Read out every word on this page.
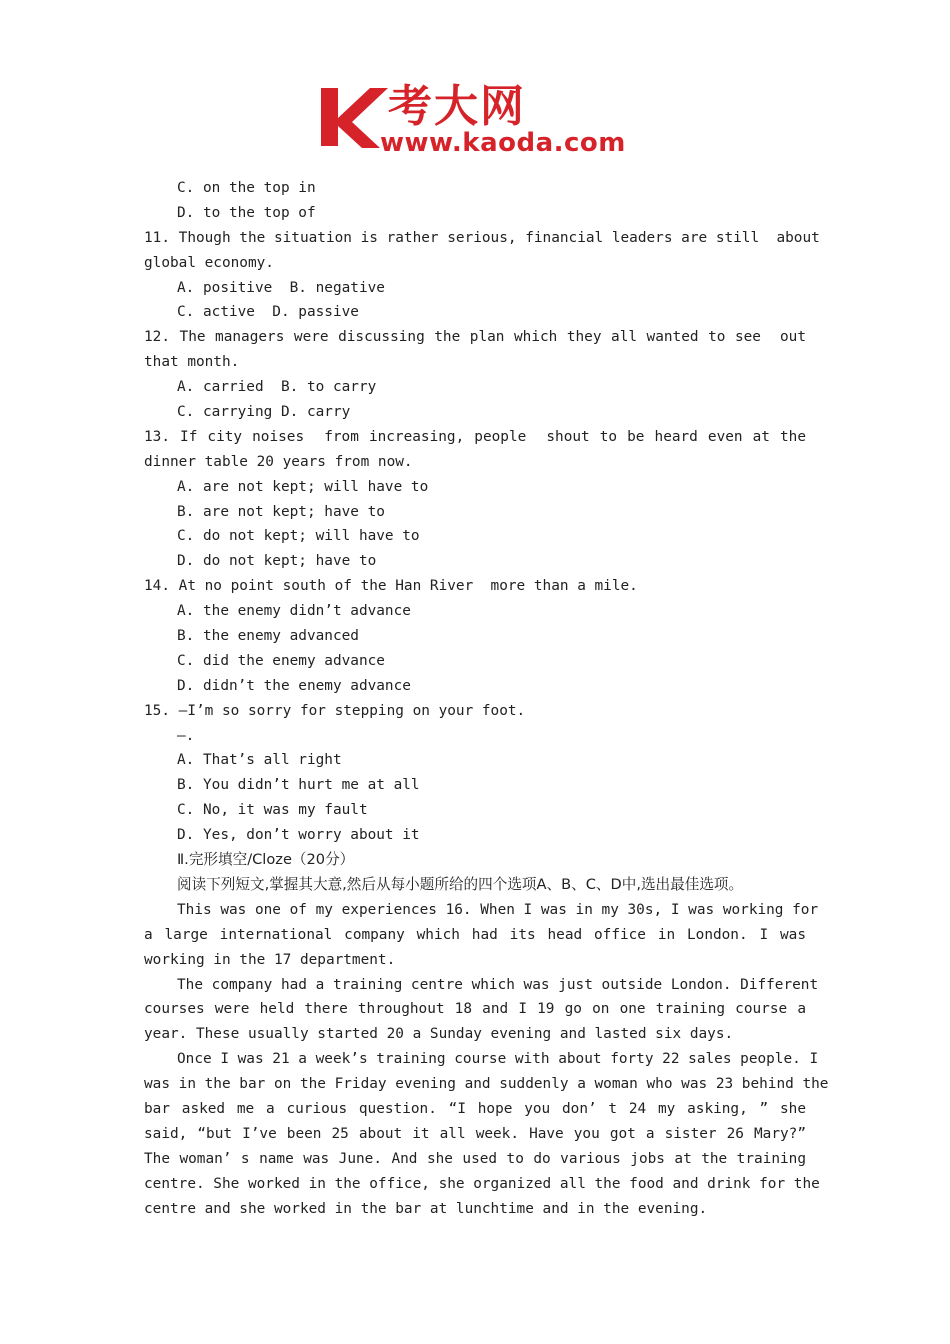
考大网
www.kaoda.com
C. on the top in
D. to the top of
11. Though the situation is rather serious, financial leaders are still  about
global economy.
A. positive  B. negative
C. active  D. passive
12. The managers were discussing the plan which they all wanted to see  out
that month.
A. carried  B. to carry
C. carrying D. carry
13. If city noises  from increasing, people  shout to be heard even at the
dinner table 20 years from now.
A. are not kept; will have to
B. are not kept; have to
C. do not kept; will have to
D. do not kept; have to
14. At no point south of the Han River  more than a mile.
A. the enemy didn’t advance
B. the enemy advanced
C. did the enemy advance
D. didn’t the enemy advance
15. —I’m so sorry for stepping on your foot.
—.
A. That’s all right
B. You didn’t hurt me at all
C. No, it was my fault
D. Yes, don’t worry about it
Ⅱ.完形填空/Cloze（20分）
阅读下列短文,掌握其大意,然后从每小题所给的四个选项A、B、C、D中,选出最佳选项。
This was one of my experiences 16. When I was in my 30s, I was working for
a large international company which had its head office in London. I was
working in the 17 department.
The company had a training centre which was just outside London. Different
courses were held there throughout 18 and I 19 go on one training course a
year. These usually started 20 a Sunday evening and lasted six days.
Once I was 21 a week’s training course with about forty 22 sales people. I
was in the bar on the Friday evening and suddenly a woman who was 23 behind the
bar asked me a curious question. “I hope you don’ t 24 my asking, ” she
said, “but I’ve been 25 about it all week. Have you got a sister 26 Mary?”
The woman’ s name was June. And she used to do various jobs at the training
centre. She worked in the office, she organized all the food and drink for the
centre and she worked in the bar at lunchtime and in the evening.
